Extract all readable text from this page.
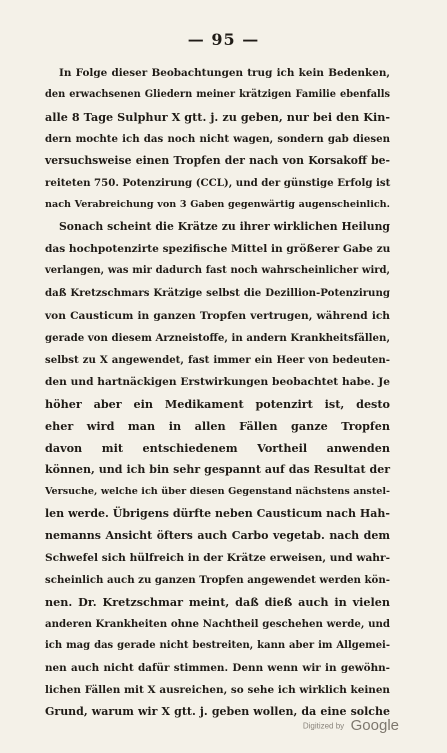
— 95 —
In Folge dieser Beobachtungen trug ich kein Bedenken,
den erwachsenen Gliedern meiner krätzigen Familie ebenfalls
alle 8 Tage Sulphur X gtt. j. zu geben, nur bei den Kin-
dern mochte ich das noch nicht wagen, sondern gab diesen
versuchsweise einen Tropfen der nach von Korsakoff be-
reiteten 750. Potenzirung (CCL), und der günstige Erfolg ist
nach Verabreichung von 3 Gaben gegenwärtig augenscheinlich.
Sonach scheint die Krätze zu ihrer wirklichen Heilung
das hochpotenzirte spezifische Mittel in größerer Gabe zu
verlangen, was mir dadurch fast noch wahrscheinlicher wird,
daß Kretzschmars Krätzige selbst die Dezillion-Potenzirung
von Causticum in ganzen Tropfen vertrugen, während ich
gerade von diesem Arzneistoffe, in andern Krankheitsfällen,
selbst zu X angewendet, fast immer ein Heer von bedeuten-
den und hartnäckigen Erstwirkungen beobachtet habe. Je
höher aber ein Medikament potenzirt ist, desto
eher wird man in allen Fällen ganze Tropfen
davon mit entschiedenem Vortheil anwenden
können, und ich bin sehr gespannt auf das Resultat der
Versuche, welche ich über diesen Gegenstand nächstens anstel-
len werde. Übrigens dürfte neben Causticum nach Hah-
nemanns Ansicht öfters auch Carbo vegetab. nach dem
Schwefel sich hülfreich in der Krätze erweisen, und wahr-
scheinlich auch zu ganzen Tropfen angewendet werden kön-
nen. Dr. Kretzschmar meint, daß dieß auch in vielen
anderen Krankheiten ohne Nachtheil geschehen werde, und
ich mag das gerade nicht bestreiten, kann aber im Allgemei-
nen auch nicht dafür stimmen. Denn wenn wir in gewöhn-
lichen Fällen mit X ausreichen, so sehe ich wirklich keinen
Grund, warum wir X gtt. j. geben wollen, da eine solche
Digitized by Google
